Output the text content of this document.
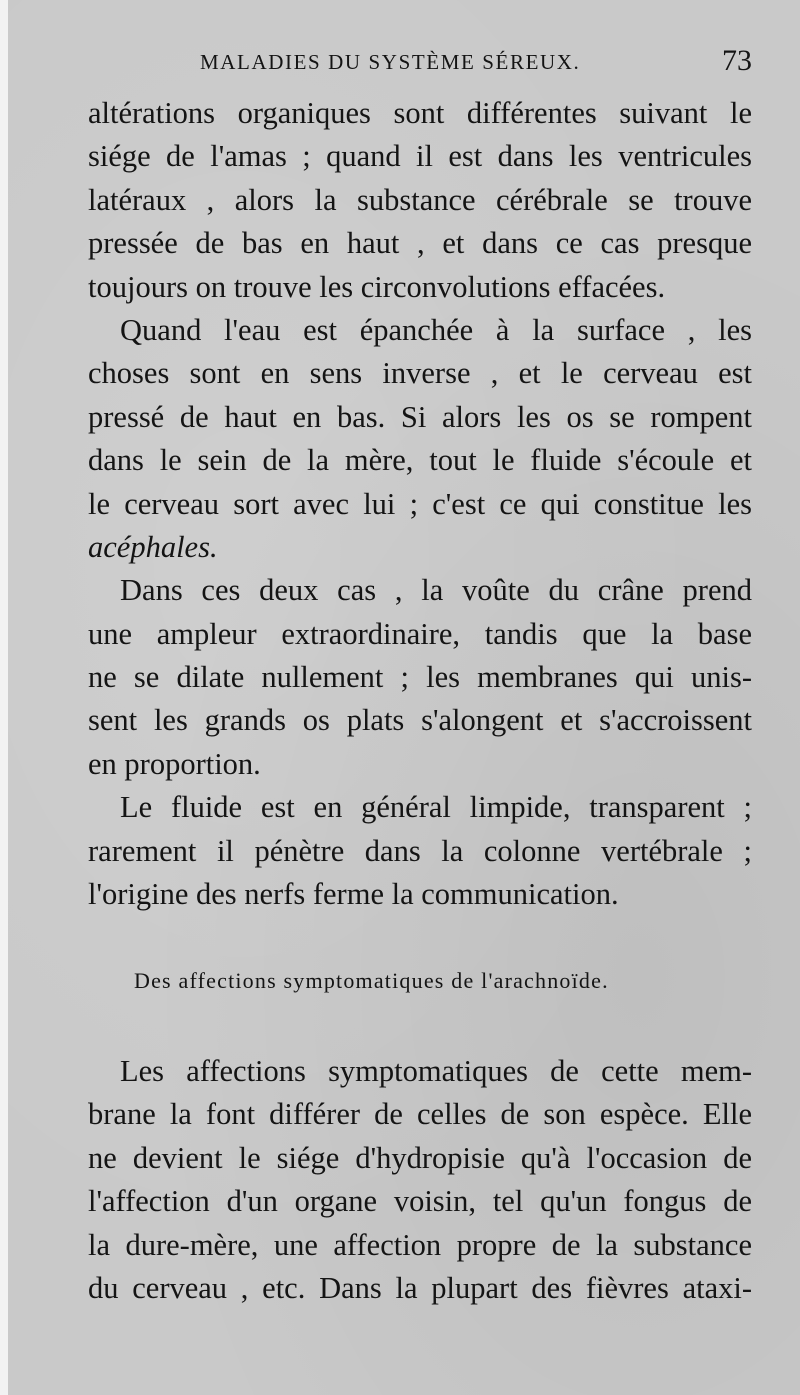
MALADIES DU SYSTÈME SÉREUX.	73
altérations organiques sont différentes suivant le
siége de l'amas ; quand il est dans les ventricules
latéraux , alors la substance cérébrale se trouve
pressée de bas en haut , et dans ce cas presque
toujours on trouve les circonvolutions effacées.
Quand l'eau est épanchée à la surface , les
choses sont en sens inverse , et le cerveau est
pressé de haut en bas. Si alors les os se rompent
dans le sein de la mère, tout le fluide s'écoule et
le cerveau sort avec lui ; c'est ce qui constitue les
acéphales.
Dans ces deux cas , la voûte du crâne prend
une ampleur extraordinaire, tandis que la base
ne se dilate nullement ; les membranes qui unis-
sent les grands os plats s'alongent et s'accroissent
en proportion.
Le fluide est en général limpide, transparent ;
rarement il pénètre dans la colonne vertébrale ;
l'origine des nerfs ferme la communication.
Des affections symptomatiques de l'arachnoïde.
Les affections symptomatiques de cette mem-
brane la font différer de celles de son espèce. Elle
ne devient le siége d'hydropisie qu'à l'occasion de
l'affection d'un organe voisin, tel qu'un fongus de
la dure-mère, une affection propre de la substance
du cerveau , etc. Dans la plupart des fièvres ataxi-
